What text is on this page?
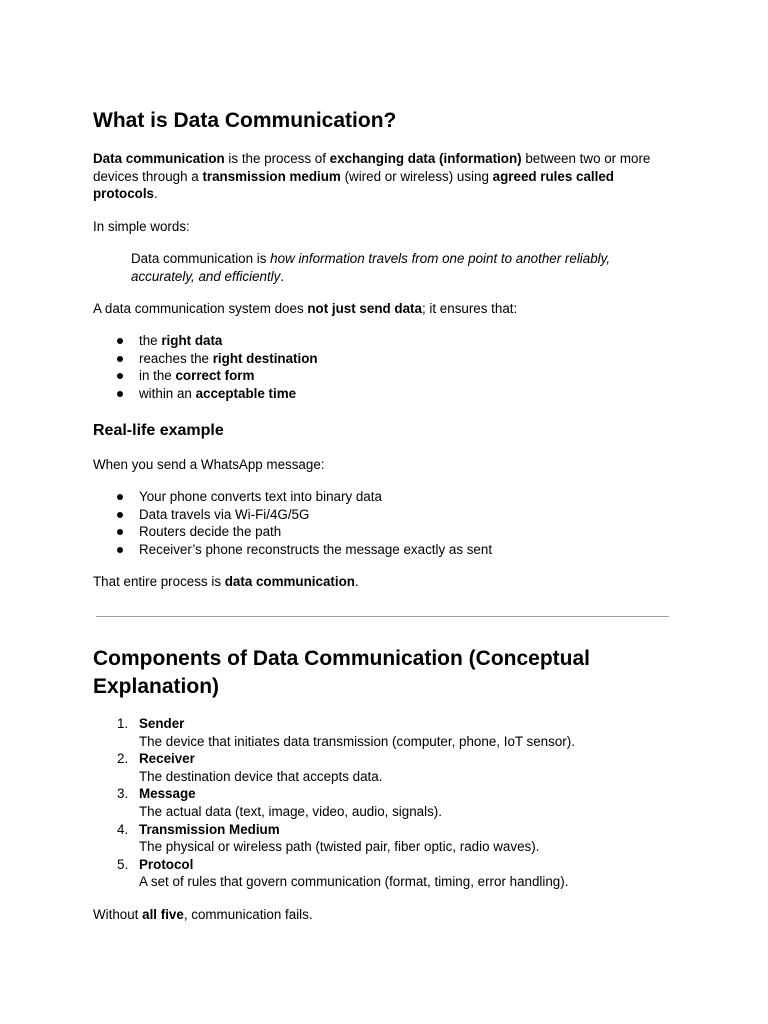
What is Data Communication?

Data communication is the process of exchanging data (information) between two or more devices through a transmission medium (wired or wireless) using agreed rules called protocols.

In simple words:

Data communication is how information travels from one point to another reliably, accurately, and efficiently.

A data communication system does not just send data; it ensures that:

the right data
reaches the right destination
in the correct form
within an acceptable time
Real-life example

When you send a WhatsApp message:

Your phone converts text into binary data
Data travels via Wi-Fi/4G/5G
Routers decide the path
Receiver’s phone reconstructs the message exactly as sent

That entire process is data communication.

Components of Data Communication (Conceptual Explanation)
1. Sender
The device that initiates data transmission (computer, phone, IoT sensor).
2. Receiver
The destination device that accepts data.
3. Message
The actual data (text, image, video, audio, signals).
4. Transmission Medium
The physical or wireless path (twisted pair, fiber optic, radio waves).
5. Protocol
A set of rules that govern communication (format, timing, error handling).

Without all five, communication fails.
